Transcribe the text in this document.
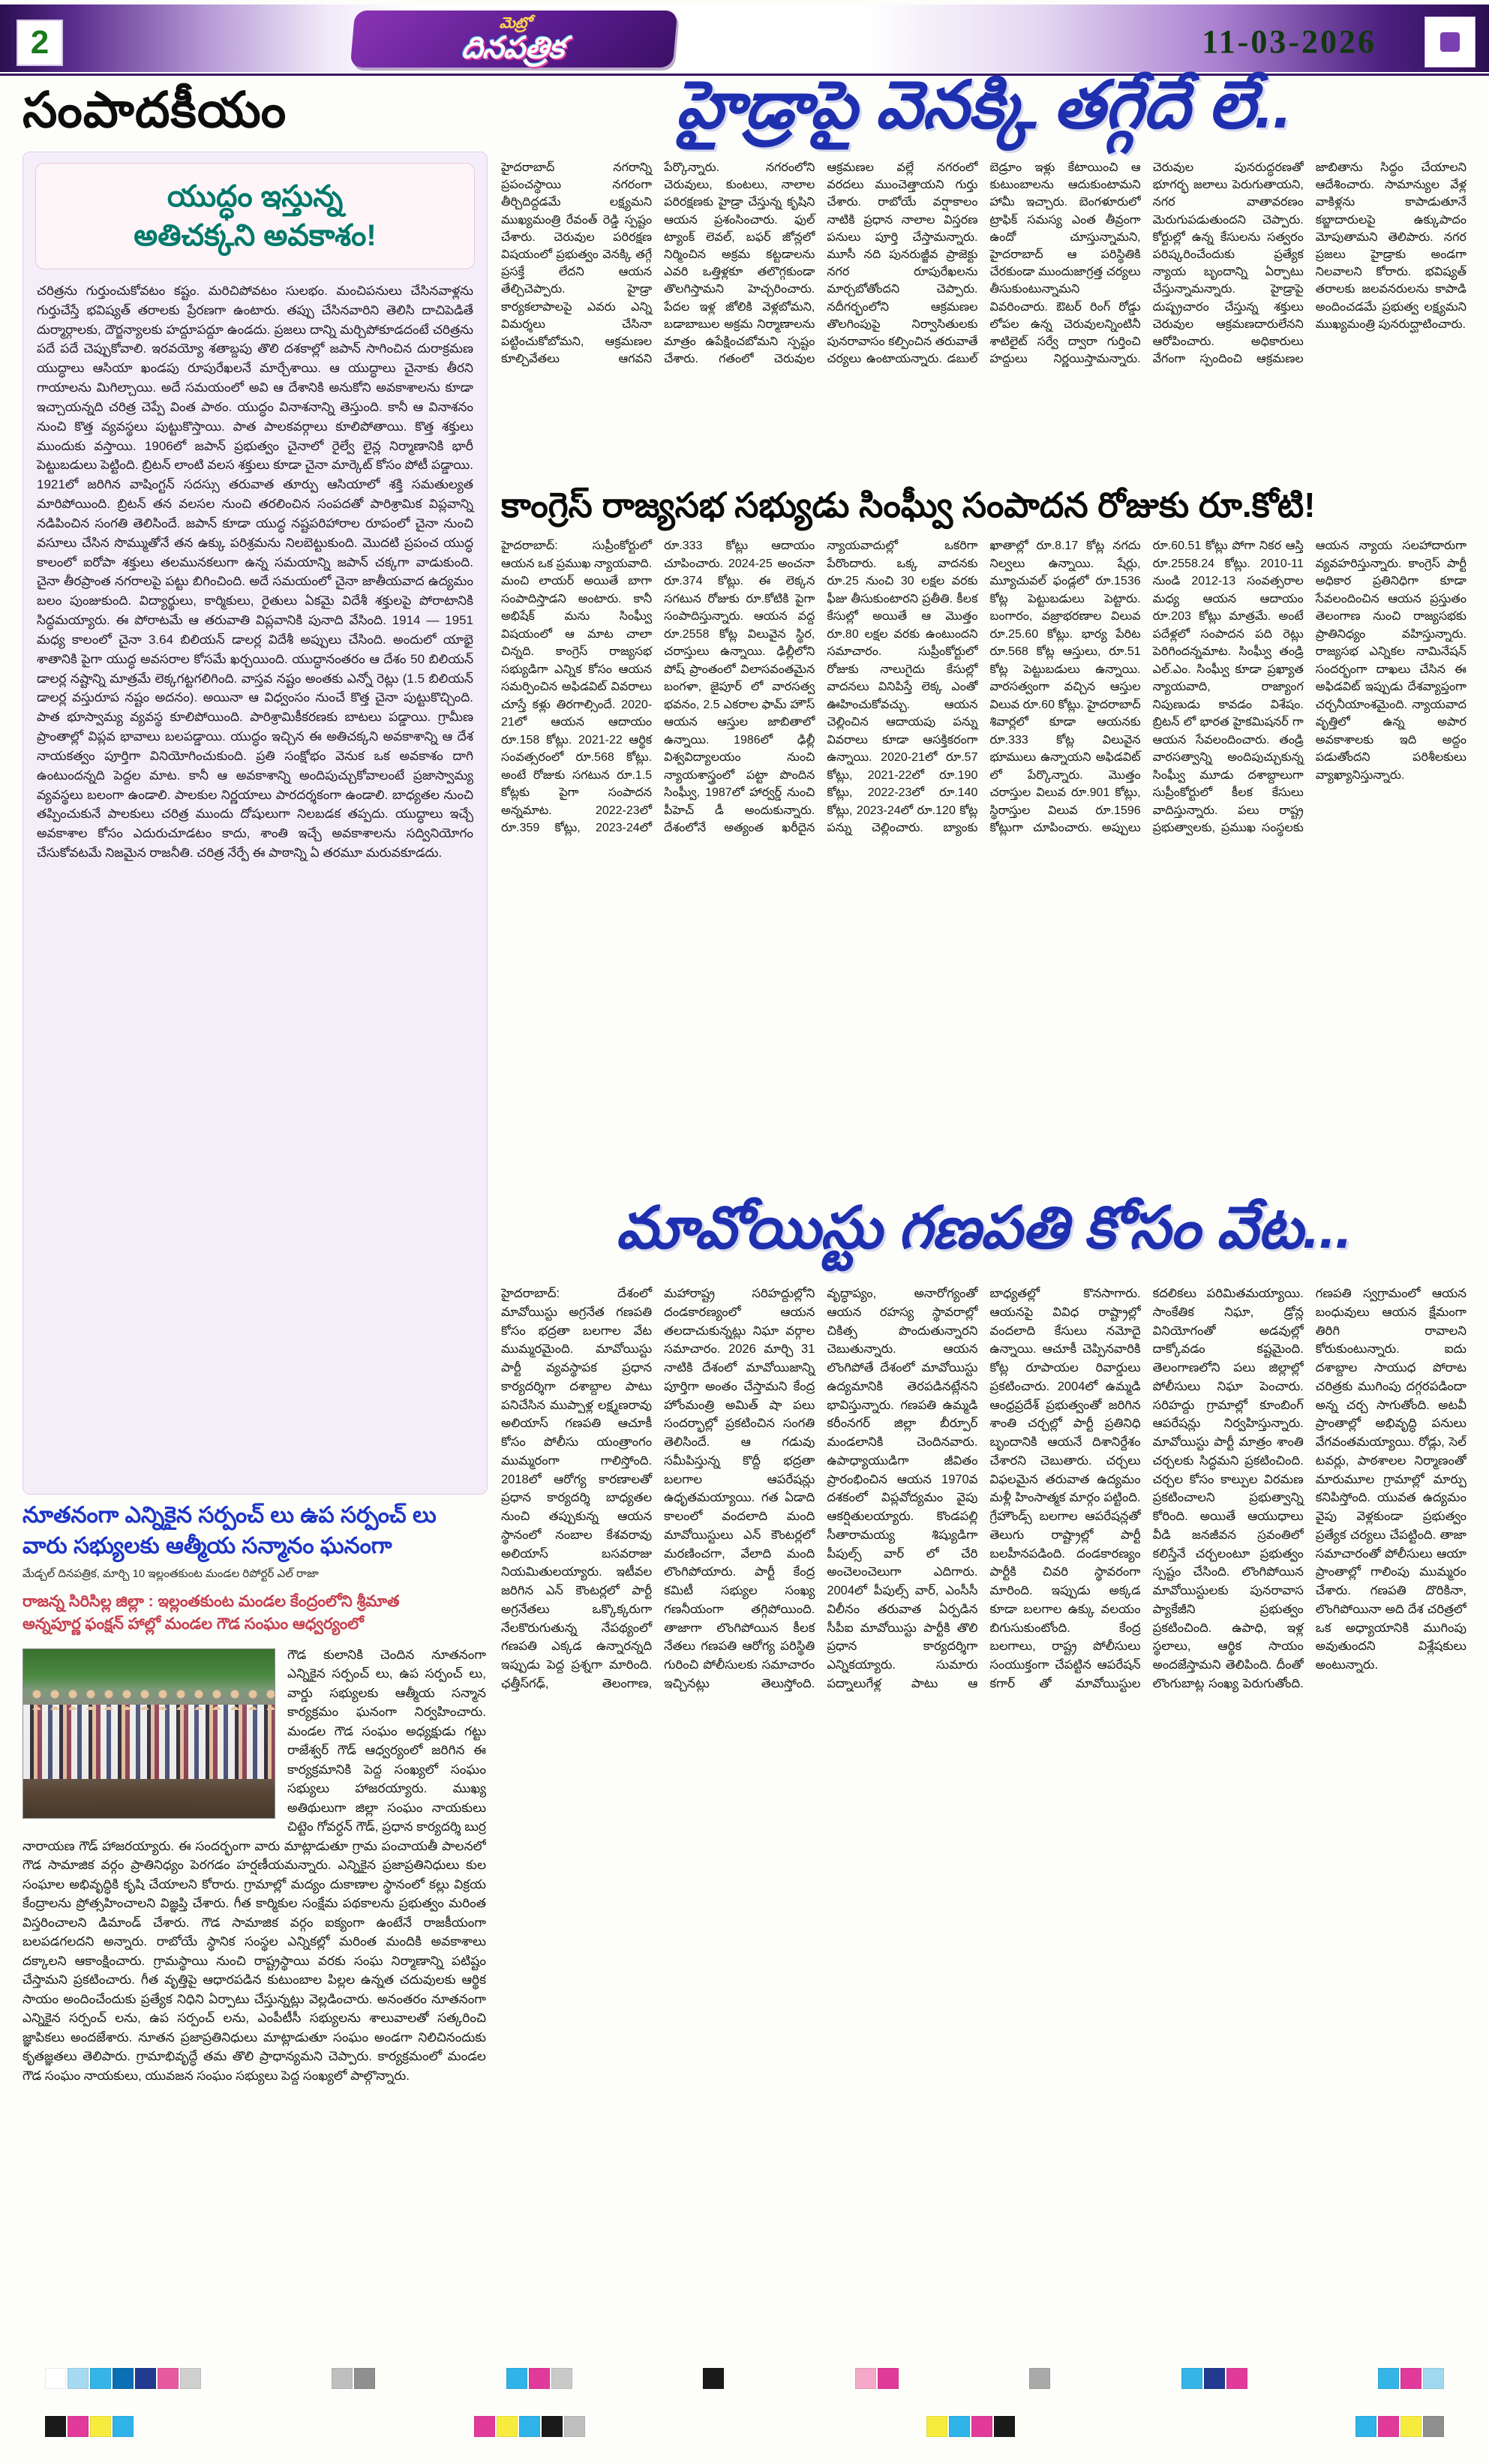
2
మెట్రో
దినపత్రిక	11-03-2026
సంపాదకీయం
యుద్ధం ఇస్తున్న
అతిచక్కని అవకాశం!
చరిత్రను గుర్తుంచుకోవటం కష్టం. మరిచిపోవటం సులభం. మంచిపనులు చేసినవాళ్లను గుర్తుచేస్తే భవిష్యత్ తరాలకు ప్రేరణగా ఉంటారు. తప్పు చేసినవారిని తెలిసి దాచిపెడితే దుర్మార్గాలకు, దౌర్జన్యాలకు హద్దూపద్దూ ఉండదు. ప్రజలు దాన్ని మర్చిపోకూడదంటే చరిత్రను పదే పదే చెప్పుకోవాలి. ఇరవయ్యో శతాబ్దపు తొలి దశకాల్లో జపాన్ సాగించిన దురాక్రమణ యుద్ధాలు ఆసియా ఖండపు రూపురేఖలనే మార్చేశాయి. ఆ యుద్ధాలు చైనాకు తీరని గాయాలను మిగిల్చాయి. అదే సమయంలో అవి ఆ దేశానికి అనుకోని అవకాశాలను కూడా ఇచ్చాయన్నది చరిత్ర చెప్పే వింత పాఠం. యుద్ధం వినాశనాన్ని తెస్తుంది. కానీ ఆ వినాశనం నుంచి కొత్త వ్యవస్థలు పుట్టుకొస్తాయి. పాత పాలకవర్గాలు కూలిపోతాయి. కొత్త శక్తులు ముందుకు వస్తాయి. 1906లో జపాన్ ప్రభుత్వం చైనాలో రైల్వే లైన్ల నిర్మాణానికి భారీ పెట్టుబడులు పెట్టింది. బ్రిటన్ లాంటి వలస శక్తులు కూడా చైనా మార్కెట్ కోసం పోటీ పడ్డాయి. 1921లో జరిగిన వాషింగ్టన్ సదస్సు తరువాత తూర్పు ఆసియాలో శక్తి సమతుల్యత మారిపోయింది. బ్రిటన్ తన వలసల నుంచి తరలించిన సంపదతో పారిశ్రామిక విప్లవాన్ని నడిపించిన సంగతి తెలిసిందే. జపాన్ కూడా యుద్ధ నష్టపరిహారాల రూపంలో చైనా నుంచి వసూలు చేసిన సొమ్ముతోనే తన ఉక్కు పరిశ్రమను నిలబెట్టుకుంది. మొదటి ప్రపంచ యుద్ధ కాలంలో ఐరోపా శక్తులు తలమునకలుగా ఉన్న సమయాన్ని జపాన్ చక్కగా వాడుకుంది. చైనా తీరప్రాంత నగరాలపై పట్టు బిగించింది. అదే సమయంలో చైనా జాతీయవాద ఉద్యమం బలం పుంజుకుంది. విద్యార్థులు, కార్మికులు, రైతులు ఏకమై విదేశీ శక్తులపై పోరాటానికి సిద్ధమయ్యారు. ఈ పోరాటమే ఆ తరువాతి విప్లవానికి పునాది వేసింది. 1914 — 1951 మధ్య కాలంలో చైనా 3.64 బిలియన్ డాలర్ల విదేశీ అప్పులు చేసింది. అందులో యాభై శాతానికి పైగా యుద్ధ అవసరాల కోసమే ఖర్చయింది. యుద్ధానంతరం ఆ దేశం 50 బిలియన్ డాలర్ల నష్టాన్ని మాత్రమే లెక్కగట్టగలిగింది. వాస్తవ నష్టం అంతకు ఎన్నో రెట్లు (1.5 బిలియన్ డాలర్ల వస్తురూప నష్టం అదనం). అయినా ఆ విధ్వంసం నుంచే కొత్త చైనా పుట్టుకొచ్చింది. పాత భూస్వామ్య వ్యవస్థ కూలిపోయింది. పారిశ్రామికీకరణకు బాటలు పడ్డాయి. గ్రామీణ ప్రాంతాల్లో విప్లవ భావాలు బలపడ్డాయి. యుద్ధం ఇచ్చిన ఈ అతిచక్కని అవకాశాన్ని ఆ దేశ నాయకత్వం పూర్తిగా వినియోగించుకుంది. ప్రతి సంక్షోభం వెనుక ఒక అవకాశం దాగి ఉంటుందన్నది పెద్దల మాట. కానీ ఆ అవకాశాన్ని అందిపుచ్చుకోవాలంటే ప్రజాస్వామ్య వ్యవస్థలు బలంగా ఉండాలి. పాలకుల నిర్ణయాలు పారదర్శకంగా ఉండాలి. బాధ్యతల నుంచి తప్పించుకునే పాలకులు చరిత్ర ముందు దోషులుగా నిలబడక తప్పదు. యుద్ధాలు ఇచ్చే అవకాశాల కోసం ఎదురుచూడటం కాదు, శాంతి ఇచ్చే అవకాశాలను సద్వినియోగం చేసుకోవటమే నిజమైన రాజనీతి. చరిత్ర నేర్పే ఈ పాఠాన్ని ఏ తరమూ మరువకూడదు.
నూతనంగా ఎన్నికైన సర్పంచ్ లు ఉప సర్పంచ్ లు
వారు సభ్యులకు ఆత్మీయ సన్మానం ఘనంగా
మేడ్చల్ దినపత్రిక, మార్చి 10 ఇల్లంతకుంట మండల రిపోర్టర్ ఎల్ రాజా
రాజన్న సిరిసిల్ల జిల్లా : ఇల్లంతకుంట మండల కేంద్రంలోని శ్రీమాత
అన్నపూర్ణ ఫంక్షన్ హాల్లో మండల గౌడ సంఘం ఆధ్వర్యంలో
గౌడ కులానికి చెందిన నూతనంగా ఎన్నికైన సర్పంచ్ లు, ఉప సర్పంచ్ లు, వార్డు సభ్యులకు ఆత్మీయ సన్మాన కార్యక్రమం ఘనంగా నిర్వహించారు. మండల గౌడ సంఘం అధ్యక్షుడు గట్టు రాజేశ్వర్ గౌడ్ ఆధ్వర్యంలో జరిగిన ఈ కార్యక్రమానికి పెద్ద సంఖ్యలో సంఘం సభ్యులు హాజరయ్యారు. ముఖ్య అతిథులుగా జిల్లా సంఘం నాయకులు చిట్టెం గోవర్ధన్ గౌడ్, ప్రధాన కార్యదర్శి బుర్ర నారాయణ గౌడ్ హాజరయ్యారు. ఈ సందర్భంగా వారు మాట్లాడుతూ గ్రామ పంచాయతీ పాలనలో గౌడ సామాజిక వర్గం ప్రాతినిధ్యం పెరగడం హర్షణీయమన్నారు. ఎన్నికైన ప్రజాప్రతినిధులు కుల సంఘాల అభివృద్ధికి కృషి చేయాలని కోరారు. గ్రామాల్లో మద్యం దుకాణాల స్థానంలో కల్లు విక్రయ కేంద్రాలను ప్రోత్సహించాలని విజ్ఞప్తి చేశారు. గీత కార్మికుల సంక్షేమ పథకాలను ప్రభుత్వం మరింత విస్తరించాలని డిమాండ్ చేశారు. గౌడ సామాజిక వర్గం ఐక్యంగా ఉంటేనే రాజకీయంగా బలపడగలదని అన్నారు. రాబోయే స్థానిక సంస్థల ఎన్నికల్లో మరింత మందికి అవకాశాలు దక్కాలని ఆకాంక్షించారు. గ్రామస్థాయి నుంచి రాష్ట్రస్థాయి వరకు సంఘ నిర్మాణాన్ని పటిష్టం చేస్తామని ప్రకటించారు. గీత వృత్తిపై ఆధారపడిన కుటుంబాల పిల్లల ఉన్నత చదువులకు ఆర్థిక సాయం అందించేందుకు ప్రత్యేక నిధిని ఏర్పాటు చేస్తున్నట్లు వెల్లడించారు. అనంతరం నూతనంగా ఎన్నికైన సర్పంచ్ లను, ఉప సర్పంచ్ లను, ఎంపీటీసీ సభ్యులను శాలువాలతో సత్కరించి జ్ఞాపికలు అందజేశారు. నూతన ప్రజాప్రతినిధులు మాట్లాడుతూ సంఘం అండగా నిలిచినందుకు కృతజ్ఞతలు తెలిపారు. గ్రామాభివృద్ధే తమ తొలి ప్రాధాన్యమని చెప్పారు. కార్యక్రమంలో మండల గౌడ సంఘం నాయకులు, యువజన సంఘం సభ్యులు పెద్ద సంఖ్యలో పాల్గొన్నారు.
హైడ్రాపై వెనక్కి తగ్గేదే లే..
హైదరాబాద్ నగరాన్ని ప్రపంచస్థాయి నగరంగా తీర్చిదిద్దడమే లక్ష్యమని ముఖ్యమంత్రి రేవంత్ రెడ్డి స్పష్టం చేశారు. చెరువుల పరిరక్షణ విషయంలో ప్రభుత్వం వెనక్కి తగ్గే ప్రసక్తే లేదని ఆయన తేల్చిచెప్పారు. హైడ్రా కార్యకలాపాలపై ఎవరు ఎన్ని విమర్శలు చేసినా పట్టించుకోబోమని, ఆక్రమణల కూల్చివేతలు ఆగవని పేర్కొన్నారు. నగరంలోని చెరువులు, కుంటలు, నాలాల పరిరక్షణకు హైడ్రా చేస్తున్న కృషిని ఆయన ప్రశంసించారు. ఫుల్ ట్యాంక్ లెవల్, బఫర్ జోన్లలో నిర్మించిన అక్రమ కట్టడాలను ఎవరి ఒత్తిళ్లకూ తలొగ్గకుండా తొలగిస్తామని హెచ్చరించారు. పేదల ఇళ్ల జోలికి వెళ్లబోమని, బడాబాబుల అక్రమ నిర్మాణాలను మాత్రం ఉపేక్షించబోమని స్పష్టం చేశారు. గతంలో చెరువుల ఆక్రమణల వల్లే నగరంలో వరదలు ముంచెత్తాయని గుర్తు చేశారు. రాబోయే వర్షాకాలం నాటికి ప్రధాన నాలాల విస్తరణ పనులు పూర్తి చేస్తామన్నారు. మూసీ నది పునరుజ్జీవ ప్రాజెక్టు నగర రూపురేఖలను మార్చబోతోందని చెప్పారు. నదీగర్భంలోని ఆక్రమణల తొలగింపుపై నిర్వాసితులకు పునరావాసం కల్పించిన తరువాతే చర్యలు ఉంటాయన్నారు. డబుల్ బెడ్రూం ఇళ్లు కేటాయించి ఆ కుటుంబాలను ఆదుకుంటామని హామీ ఇచ్చారు. బెంగళూరులో ట్రాఫిక్ సమస్య ఎంత తీవ్రంగా ఉందో చూస్తున్నామని, హైదరాబాద్ ఆ పరిస్థితికి చేరకుండా ముందుజాగ్రత్త చర్యలు తీసుకుంటున్నామని వివరించారు. ఔటర్ రింగ్ రోడ్డు లోపల ఉన్న చెరువులన్నింటినీ శాటిలైట్ సర్వే ద్వారా గుర్తించి హద్దులు నిర్ణయిస్తామన్నారు. చెరువుల పునరుద్ధరణతో భూగర్భ జలాలు పెరుగుతాయని, నగర వాతావరణం మెరుగుపడుతుందని చెప్పారు. కోర్టుల్లో ఉన్న కేసులను సత్వరం పరిష్కరించేందుకు ప్రత్యేక న్యాయ బృందాన్ని ఏర్పాటు చేస్తున్నామన్నారు. హైడ్రాపై దుష్ప్రచారం చేస్తున్న శక్తులు చెరువుల ఆక్రమణదారులేనని ఆరోపించారు. అధికారులు వేగంగా స్పందించి ఆక్రమణల జాబితాను సిద్ధం చేయాలని ఆదేశించారు. సామాన్యుల వేళ్ల వాకిళ్లను కాపాడుతూనే కబ్జాదారులపై ఉక్కుపాదం మోపుతామని తెలిపారు. నగర ప్రజలు హైడ్రాకు అండగా నిలవాలని కోరారు. భవిష్యత్ తరాలకు జలవనరులను కాపాడి అందించడమే ప్రభుత్వ లక్ష్యమని ముఖ్యమంత్రి పునరుద్ఘాటించారు.
కాంగ్రెస్ రాజ్యసభ సభ్యుడు సింఘ్వీ సంపాదన రోజుకు రూ.కోటి!
హైదరాబాద్: సుప్రీంకోర్టులో ఆయన ఒక ప్రముఖ న్యాయవాది. మంచి లాయర్ అయితే బాగా సంపాదిస్తాడని అంటారు. కానీ అభిషేక్ మను సింఘ్వీ విషయంలో ఆ మాట చాలా చిన్నది. కాంగ్రెస్ రాజ్యసభ సభ్యుడిగా ఎన్నిక కోసం ఆయన సమర్పించిన అఫిడవిట్ వివరాలు చూస్తే కళ్లు తిరగాల్సిందే. 2020-21లో ఆయన ఆదాయం రూ.158 కోట్లు. 2021-22 ఆర్థిక సంవత్సరంలో రూ.568 కోట్లు. అంటే రోజుకు సగటున రూ.1.5 కోట్లకు పైగా సంపాదన అన్నమాట. 2022-23లో రూ.359 కోట్లు, 2023-24లో రూ.333 కోట్లు ఆదాయం చూపించారు. 2024-25 అంచనా రూ.374 కోట్లు. ఈ లెక్కన సగటున రోజుకు రూ.కోటికి పైగా సంపాదిస్తున్నారు. ఆయన వద్ద రూ.2558 కోట్ల విలువైన స్థిర, చరాస్తులు ఉన్నాయి. ఢిల్లీలోని పోష్ ప్రాంతంలో విలాసవంతమైన బంగళా, జైపూర్ లో వారసత్వ భవనం, 2.5 ఎకరాల ఫామ్ హౌస్ ఆయన ఆస్తుల జాబితాలో ఉన్నాయి. 1986లో ఢిల్లీ విశ్వవిద్యాలయం నుంచి న్యాయశాస్త్రంలో పట్టా పొందిన సింఘ్వీ, 1987లో హార్వర్డ్ నుంచి పీహెచ్ డీ అందుకున్నారు. దేశంలోనే అత్యంత ఖరీదైన న్యాయవాదుల్లో ఒకరిగా పేరొందారు. ఒక్క వాదనకు రూ.25 నుంచి 30 లక్షల వరకు ఫీజు తీసుకుంటారని ప్రతీతి. కీలక కేసుల్లో అయితే ఆ మొత్తం రూ.80 లక్షల వరకు ఉంటుందని సమాచారం. సుప్రీంకోర్టులో రోజుకు నాలుగైదు కేసుల్లో వాదనలు వినిపిస్తే లెక్క ఎంతో ఊహించుకోవచ్చు. ఆయన చెల్లించిన ఆదాయపు పన్ను వివరాలు కూడా ఆసక్తికరంగా ఉన్నాయి. 2020-21లో రూ.57 కోట్లు, 2021-22లో రూ.190 కోట్లు, 2022-23లో రూ.140 కోట్లు, 2023-24లో రూ.120 కోట్ల పన్ను చెల్లించారు. బ్యాంకు ఖాతాల్లో రూ.8.17 కోట్ల నగదు నిల్వలు ఉన్నాయి. షేర్లు, మ్యూచువల్ ఫండ్లలో రూ.1536 కోట్ల పెట్టుబడులు పెట్టారు. బంగారం, వజ్రాభరణాల విలువ రూ.25.60 కోట్లు. భార్య పేరిట రూ.568 కోట్ల ఆస్తులు, రూ.51 కోట్ల పెట్టుబడులు ఉన్నాయి. వారసత్వంగా వచ్చిన ఆస్తుల విలువ రూ.60 కోట్లు. హైదరాబాద్ శివార్లలో కూడా ఆయనకు రూ.333 కోట్ల విలువైన భూములు ఉన్నాయని అఫిడవిట్ లో పేర్కొన్నారు. మొత్తం చరాస్తుల విలువ రూ.901 కోట్లు, స్థిరాస్తుల విలువ రూ.1596 కోట్లుగా చూపించారు. అప్పులు రూ.60.51 కోట్లు పోగా నికర ఆస్తి రూ.2558.24 కోట్లు. 2010-11 నుండి 2012-13 సంవత్సరాల మధ్య ఆయన ఆదాయం రూ.203 కోట్లు మాత్రమే. అంటే పదేళ్లలో సంపాదన పది రెట్లు పెరిగిందన్నమాట. సింఘ్వీ తండ్రి ఎల్.ఎం. సింఘ్వీ కూడా ప్రఖ్యాత న్యాయవాది, రాజ్యాంగ నిపుణుడు కావడం విశేషం. బ్రిటన్ లో భారత హైకమిషనర్ గా ఆయన సేవలందించారు. తండ్రి వారసత్వాన్ని అందిపుచ్చుకున్న సింఘ్వీ మూడు దశాబ్దాలుగా సుప్రీంకోర్టులో కీలక కేసులు వాదిస్తున్నారు. పలు రాష్ట్ర ప్రభుత్వాలకు, ప్రముఖ సంస్థలకు ఆయన న్యాయ సలహాదారుగా వ్యవహరిస్తున్నారు. కాంగ్రెస్ పార్టీ అధికార ప్రతినిధిగా కూడా సేవలందించిన ఆయన ప్రస్తుతం తెలంగాణ నుంచి రాజ్యసభకు ప్రాతినిధ్యం వహిస్తున్నారు. రాజ్యసభ ఎన్నికల నామినేషన్ సందర్భంగా దాఖలు చేసిన ఈ అఫిడవిట్ ఇప్పుడు దేశవ్యాప్తంగా చర్చనీయాంశమైంది. న్యాయవాద వృత్తిలో ఉన్న అపార అవకాశాలకు ఇది అద్దం పడుతోందని పరిశీలకులు వ్యాఖ్యానిస్తున్నారు.
మావోయిస్టు గణపతి కోసం వేట...
హైదరాబాద్: దేశంలో మావోయిస్టు అగ్రనేత గణపతి కోసం భద్రతా బలగాల వేట ముమ్మరమైంది. మావోయిస్టు పార్టీ వ్యవస్థాపక ప్రధాన కార్యదర్శిగా దశాబ్దాల పాటు పనిచేసిన ముప్పాళ్ల లక్ష్మణరావు అలియాస్ గణపతి ఆచూకీ కోసం పోలీసు యంత్రాంగం ముమ్మరంగా గాలిస్తోంది. 2018లో ఆరోగ్య కారణాలతో ప్రధాన కార్యదర్శి బాధ్యతల నుంచి తప్పుకున్న ఆయన స్థానంలో నంబాల కేశవరావు అలియాస్ బసవరాజు నియమితులయ్యారు. ఇటీవల జరిగిన ఎన్ కౌంటర్లలో పార్టీ అగ్రనేతలు ఒక్కొక్కరుగా నేలకొరుగుతున్న నేపథ్యంలో గణపతి ఎక్కడ ఉన్నారన్నది ఇప్పుడు పెద్ద ప్రశ్నగా మారింది. ఛత్తీస్‌గఢ్, తెలంగాణ, మహారాష్ట్ర సరిహద్దుల్లోని దండకారణ్యంలో ఆయన తలదాచుకున్నట్లు నిఘా వర్గాల సమాచారం. 2026 మార్చి 31 నాటికి దేశంలో మావోయిజాన్ని పూర్తిగా అంతం చేస్తామని కేంద్ర హోంమంత్రి అమిత్ షా పలు సందర్భాల్లో ప్రకటించిన సంగతి తెలిసిందే. ఆ గడువు సమీపిస్తున్న కొద్దీ భద్రతా బలగాల ఆపరేషన్లు ఉధృతమయ్యాయి. గత ఏడాది కాలంలో వందలాది మంది మావోయిస్టులు ఎన్ కౌంటర్లలో మరణించగా, వేలాది మంది లొంగిపోయారు. పార్టీ కేంద్ర కమిటీ సభ్యుల సంఖ్య గణనీయంగా తగ్గిపోయింది. తాజాగా లొంగిపోయిన కీలక నేతలు గణపతి ఆరోగ్య పరిస్థితి గురించి పోలీసులకు సమాచారం ఇచ్చినట్లు తెలుస్తోంది. వృద్ధాప్యం, అనారోగ్యంతో ఆయన రహస్య స్థావరాల్లో చికిత్స పొందుతున్నారని చెబుతున్నారు. ఆయన లొంగిపోతే దేశంలో మావోయిస్టు ఉద్యమానికి తెరపడినట్లేనని భావిస్తున్నారు. గణపతి ఉమ్మడి కరీంనగర్ జిల్లా బీర్పూర్ మండలానికి చెందినవారు. ఉపాధ్యాయుడిగా జీవితం ప్రారంభించిన ఆయన 1970వ దశకంలో విప్లవోద్యమం వైపు ఆకర్షితులయ్యారు. కొండపల్లి సీతారామయ్య శిష్యుడిగా పీపుల్స్ వార్ లో చేరి అంచెలంచెలుగా ఎదిగారు. 2004లో పీపుల్స్ వార్, ఎంసీసీ విలీనం తరువాత ఏర్పడిన సీపీఐ మావోయిస్టు పార్టీకి తొలి ప్రధాన కార్యదర్శిగా ఎన్నికయ్యారు. సుమారు పద్నాలుగేళ్ల పాటు ఆ బాధ్యతల్లో కొనసాగారు. ఆయనపై వివిధ రాష్ట్రాల్లో వందలాది కేసులు నమోదై ఉన్నాయి. ఆచూకీ చెప్పినవారికి కోట్ల రూపాయల రివార్డులు ప్రకటించారు. 2004లో ఉమ్మడి ఆంధ్రప్రదేశ్ ప్రభుత్వంతో జరిగిన శాంతి చర్చల్లో పార్టీ ప్రతినిధి బృందానికి ఆయనే దిశానిర్దేశం చేశారని చెబుతారు. చర్చలు విఫలమైన తరువాత ఉద్యమం మళ్లీ హింసాత్మక మార్గం పట్టింది. గ్రేహౌండ్స్ బలగాల ఆపరేషన్లతో తెలుగు రాష్ట్రాల్లో పార్టీ బలహీనపడింది. దండకారణ్యం పార్టీకి చివరి స్థావరంగా మారింది. ఇప్పుడు అక్కడ కూడా బలగాల ఉక్కు వలయం బిగుసుకుంటోంది. కేంద్ర బలగాలు, రాష్ట్ర పోలీసులు సంయుక్తంగా చేపట్టిన ఆపరేషన్ కగార్ తో మావోయిస్టుల కదలికలు పరిమితమయ్యాయి. సాంకేతిక నిఘా, డ్రోన్ల వినియోగంతో అడవుల్లో దాక్కోవడం కష్టమైంది. తెలంగాణలోని పలు జిల్లాల్లో పోలీసులు నిఘా పెంచారు. సరిహద్దు గ్రామాల్లో కూంబింగ్ ఆపరేషన్లు నిర్వహిస్తున్నారు. మావోయిస్టు పార్టీ మాత్రం శాంతి చర్చలకు సిద్ధమని ప్రకటించింది. చర్చల కోసం కాల్పుల విరమణ ప్రకటించాలని ప్రభుత్వాన్ని కోరింది. అయితే ఆయుధాలు వీడి జనజీవన స్రవంతిలో కలిస్తేనే చర్చలంటూ ప్రభుత్వం స్పష్టం చేసింది. లొంగిపోయిన మావోయిస్టులకు పునరావాస ప్యాకేజీని ప్రభుత్వం ప్రకటించింది. ఉపాధి, ఇళ్ల స్థలాలు, ఆర్థిక సాయం అందజేస్తామని తెలిపింది. దీంతో లొంగుబాట్ల సంఖ్య పెరుగుతోంది. గణపతి స్వగ్రామంలో ఆయన బంధువులు ఆయన క్షేమంగా తిరిగి రావాలని కోరుకుంటున్నారు. ఐదు దశాబ్దాల సాయుధ పోరాట చరిత్రకు ముగింపు దగ్గరపడిందా అన్న చర్చ సాగుతోంది. అటవీ ప్రాంతాల్లో అభివృద్ధి పనులు వేగవంతమయ్యాయి. రోడ్లు, సెల్ టవర్లు, పాఠశాలల నిర్మాణంతో మారుమూల గ్రామాల్లో మార్పు కనిపిస్తోంది. యువత ఉద్యమం వైపు వెళ్లకుండా ప్రభుత్వం ప్రత్యేక చర్యలు చేపట్టింది. తాజా సమాచారంతో పోలీసులు ఆయా ప్రాంతాల్లో గాలింపు ముమ్మరం చేశారు. గణపతి దొరికినా, లొంగిపోయినా అది దేశ చరిత్రలో ఒక అధ్యాయానికి ముగింపు అవుతుందని విశ్లేషకులు అంటున్నారు.
